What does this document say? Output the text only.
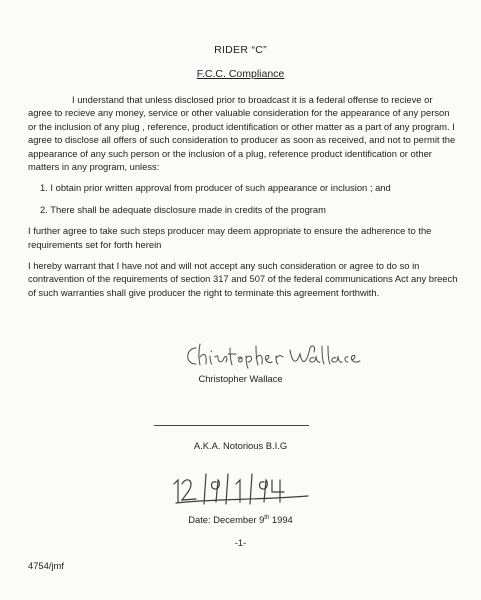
RIDER “C”
F.C.C. Compliance

I understand that unless disclosed prior to broadcast it is a federal offense to recieve or agree to recieve any money, service or other valuable consideration for the appearance of any person or the inclusion of any plug , reference, product identification or other matter as a part of any program. I agree to disclose all offers of such consideration to producer as soon as received, and not to permit the appearance of any such person or the inclusion of a plug, reference product identification or other matters in any program, unless:

1. I obtain prior written approval from producer of such appearance or inclusion ; and

2. There shall be adequate disclosure made in credits of the program

I further agree to take such steps producer may deem appropriate to ensure the adherence to the requirements set for forth herein

I hereby warrant that I have not and will not accept any such consideration or agree to do so in contravention of the requirements of section 317 and 507 of the federal communications Act any breech of such warranties shall give producer the right to terminate this agreement forthwith.

Christopher Wallace
A.K.A. Notorious B.I.G
Date: December 9th 1994
-1-
4754/jmf
